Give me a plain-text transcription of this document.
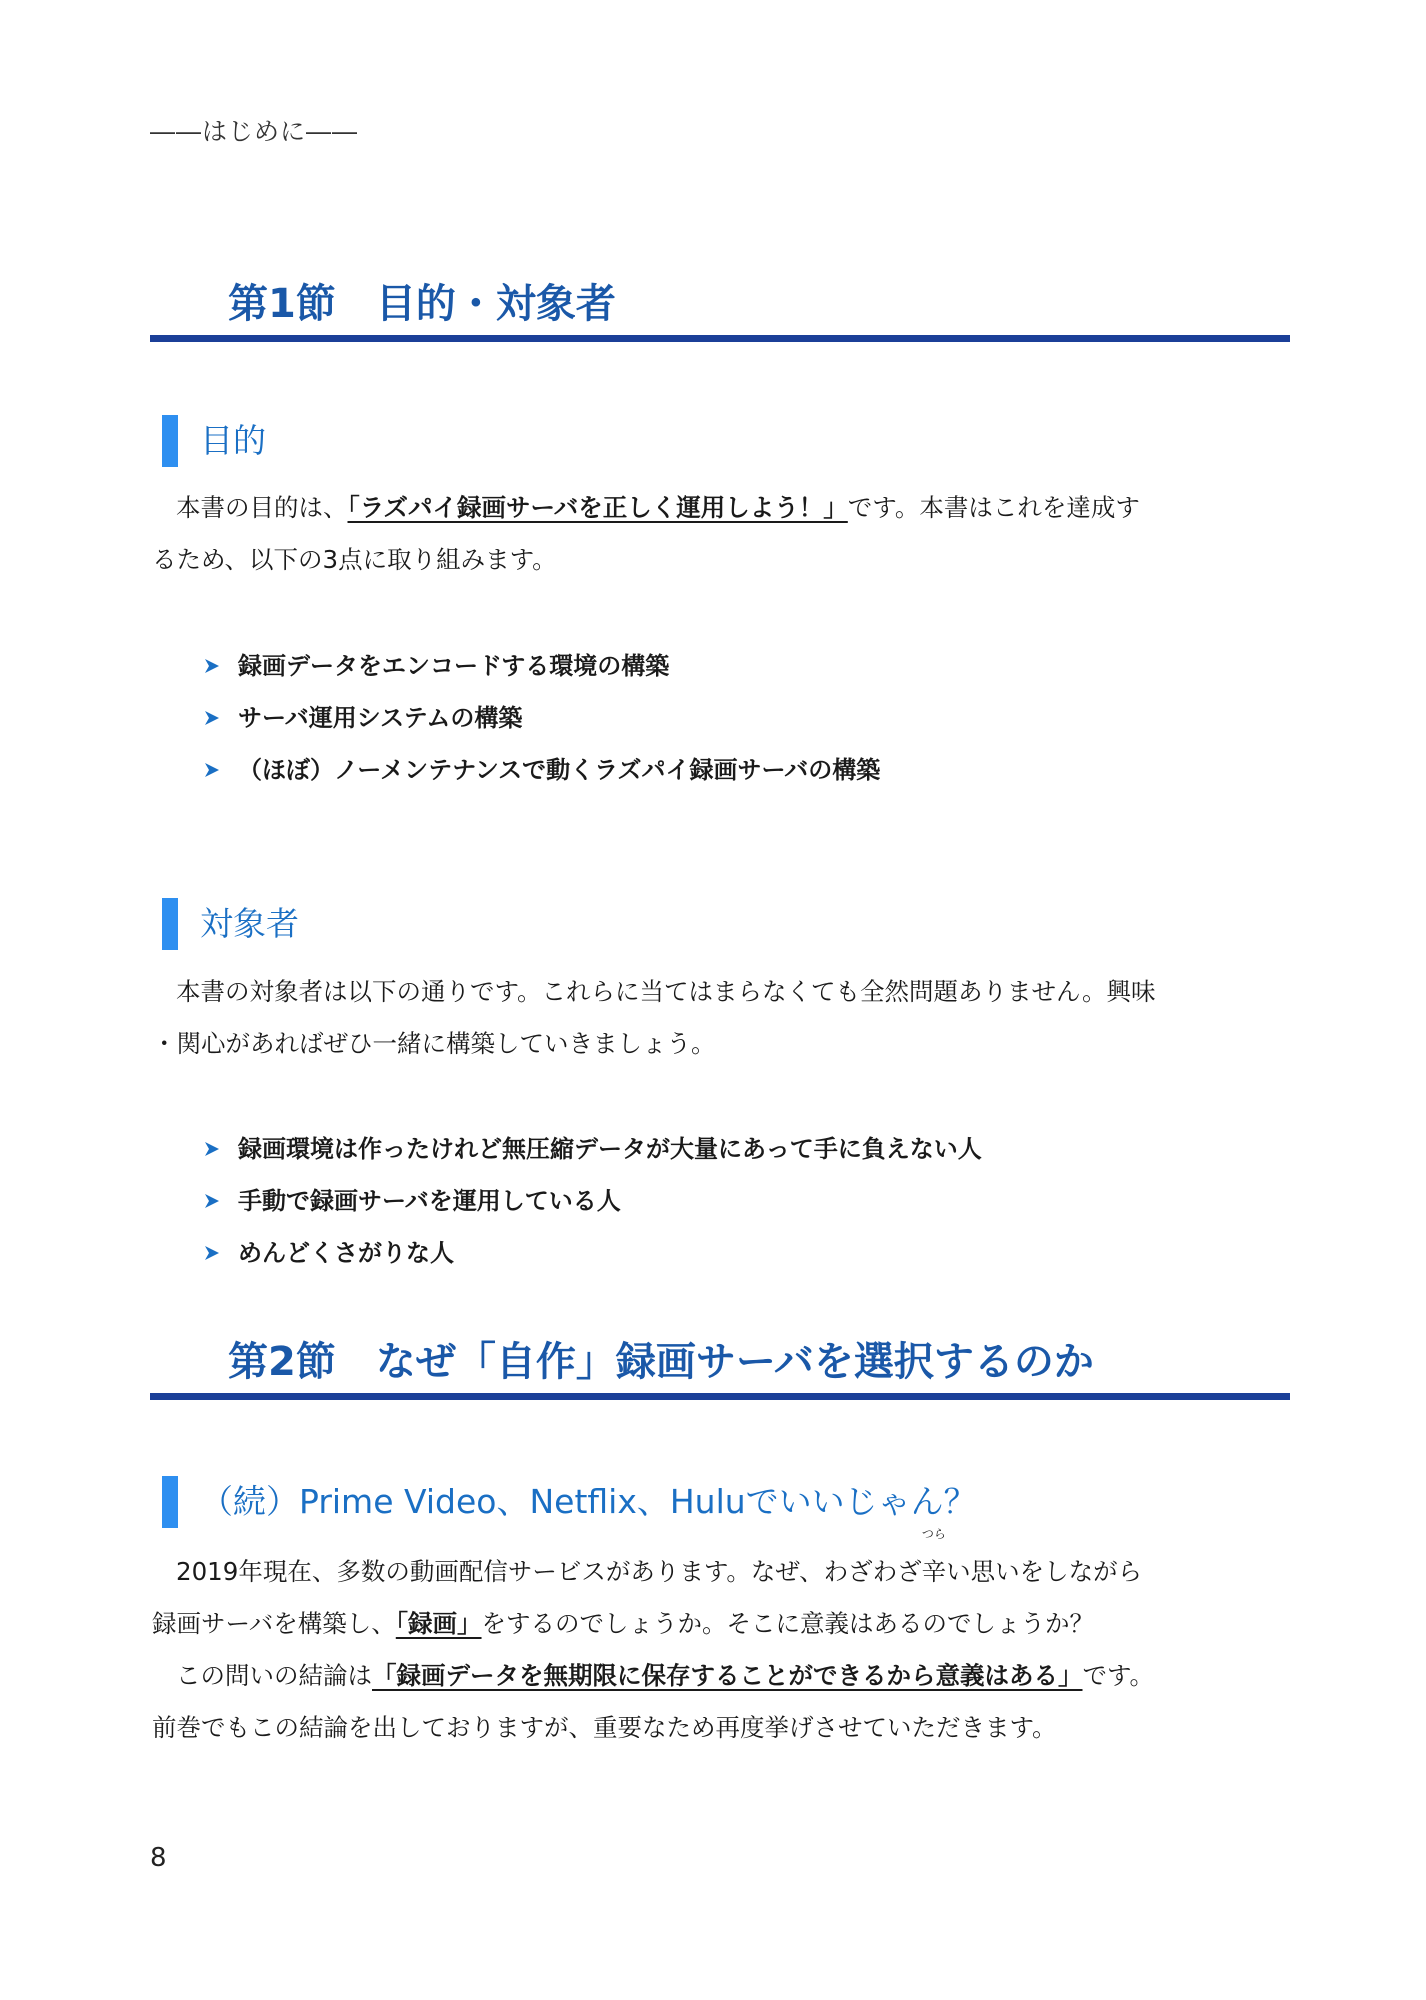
――はじめに――
第1節　目的・対象者
目的
本書の目的は、「ラズパイ録画サーバを正しく運用しよう！」です。本書はこれを達成す
るため、以下の3点に取り組みます。
録画データをエンコードする環境の構築
サーバ運用システムの構築
（ほぼ）ノーメンテナンスで動くラズパイ録画サーバの構築
対象者
本書の対象者は以下の通りです。これらに当てはまらなくても全然問題ありません。興味
・関心があればぜひ一緒に構築していきましょう。
録画環境は作ったけれど無圧縮データが大量にあって手に負えない人
手動で録画サーバを運用している人
めんどくさがりな人
第2節　なぜ「自作」録画サーバを選択するのか
（続）Prime Video、Netflix、Huluでいいじゃん？
2019年現在、多数の動画配信サービスがあります。なぜ、わざわざ
つら
辛い思いをしながら
録画サーバを構築し、「録画」をするのでしょうか。そこに意義はあるのでしょうか？
この問いの結論は「録画データを無期限に保存することができるから意義はある」です。
前巻でもこの結論を出しておりますが、重要なため再度挙げさせていただきます。
8
